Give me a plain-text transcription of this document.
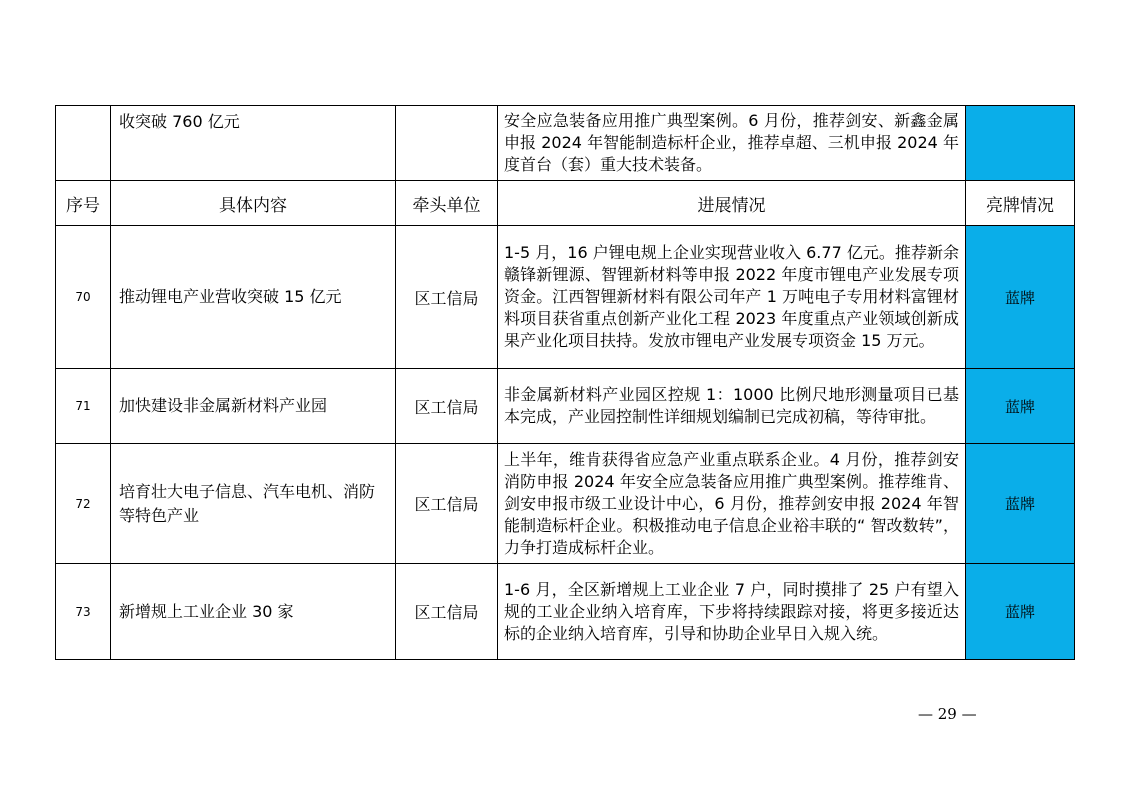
	收突破 760 亿元		安全应急装备应用推广典型案例。6 月份，推荐剑安、新鑫金属申报 2024 年智能制造标杆企业，推荐卓超、三机申报 2024 年度首台（套）重大技术装备。	
序号	具体内容	牵头单位	进展情况	亮牌情况
70	推动锂电产业营收突破 15 亿元	区工信局	1-5 月，16 户锂电规上企业实现营业收入 6.77 亿元。推荐新余赣锋新锂源、智锂新材料等申报 2022 年度市锂电产业发展专项资金。江西智锂新材料有限公司年产 1 万吨电子专用材料富锂材料项目获省重点创新产业化工程 2023 年度重点产业领域创新成果产业化项目扶持。发放市锂电产业发展专项资金 15 万元。	蓝牌
71	加快建设非金属新材料产业园	区工信局	非金属新材料产业园区控规 1：1000 比例尺地形测量项目已基本完成，产业园控制性详细规划编制已完成初稿，等待审批。	蓝牌
72	培育壮大电子信息、汽车电机、消防等特色产业	区工信局	上半年，维肯获得省应急产业重点联系企业。4 月份，推荐剑安消防申报 2024 年安全应急装备应用推广典型案例。推荐维肯、剑安申报市级工业设计中心，6 月份，推荐剑安申报 2024 年智能制造标杆企业。积极推动电子信息企业裕丰联的“ 智改数转”，力争打造成标杆企业。	蓝牌
73	新增规上工业企业 30 家	区工信局	1-6 月，全区新增规上工业企业 7 户，同时摸排了 25 户有望入规的工业企业纳入培育库，下步将持续跟踪对接，将更多接近达标的企业纳入培育库，引导和协助企业早日入规入统。	蓝牌
— 29 —
